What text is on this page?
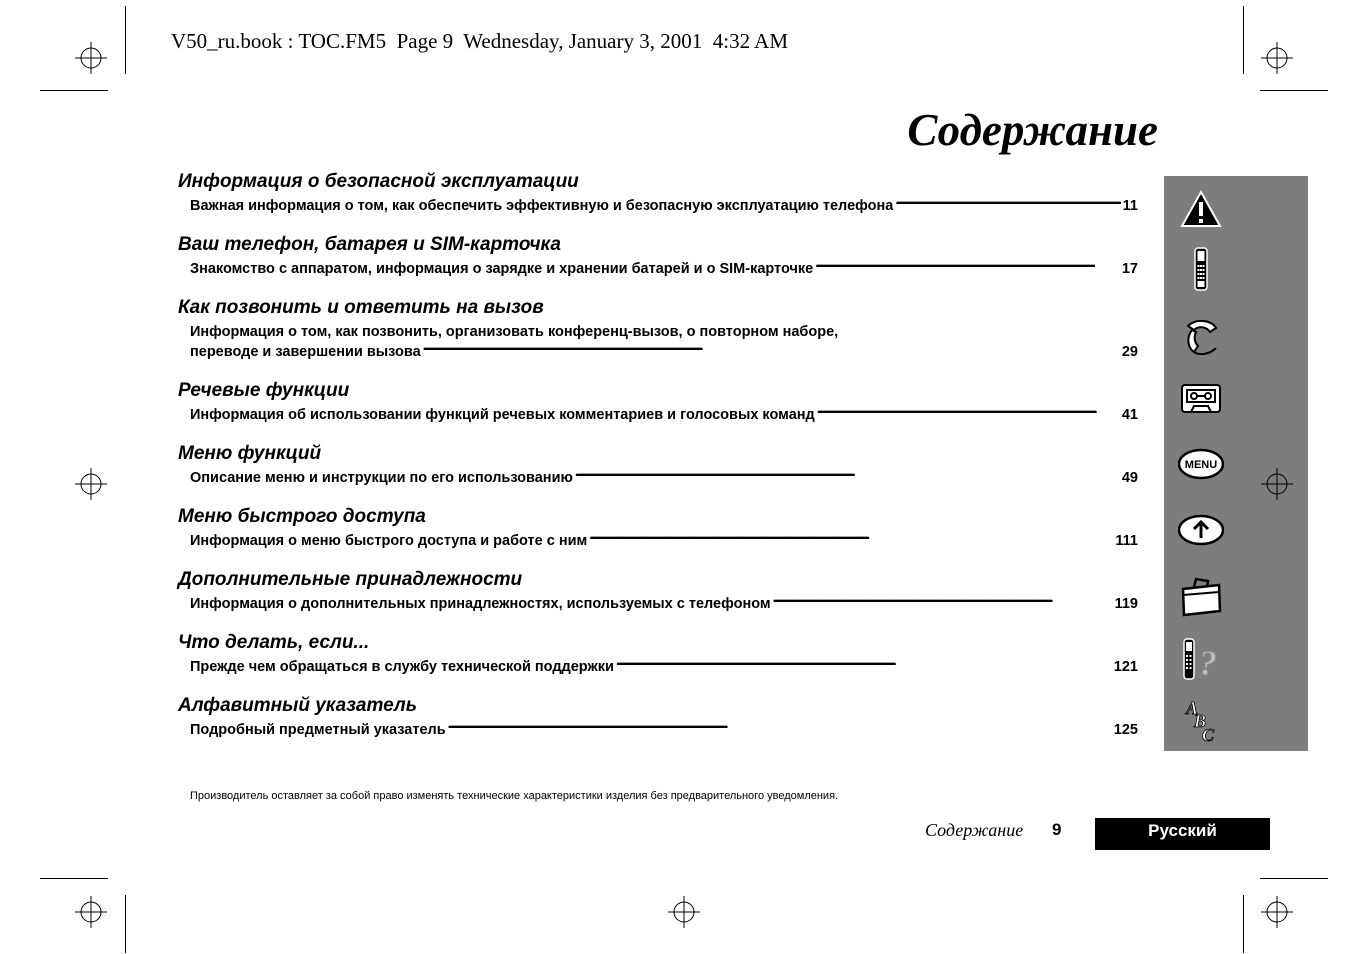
V50_ru.book : TOC.FM5  Page 9  Wednesday, January 3, 2001  4:32 AM
Содержание
Информация о безопасной эксплуатации
Важная информация о том, как обеспечить эффективную и безопасную эксплуатацию телефона . . .	11
Ваш телефон, батарея и SIM-карточка
Знакомство с аппаратом, информация о зарядке и хранении батарей и о SIM-карточке . . .	17
Как позвонить и ответить на вызов
Информация о том, как позвонить, организовать конференц-вызов, о повторном наборе,
переводе и завершении вызова . . .	29
Речевые функции
Информация об использовании функций речевых комментариев и голосовых команд . . .	41
Меню функций
Описание меню и инструкции по его использованию . . .	49
Меню быстрого доступа
Информация о меню быстрого доступа и работе с ним . . .	111
Дополнительные принадлежности
Информация о дополнительных принадлежностях, используемых с телефоном . . .	119
Что делать, если...
Прежде чем обращаться в службу технической поддержки . . .	121
Алфавитный указатель
Подробный предметный указатель . . .	125
MENU
?
A
B
C
Производитель оставляет за собой право изменять технические характеристики изделия без предварительного уведомления.
Содержание 9	Русский
